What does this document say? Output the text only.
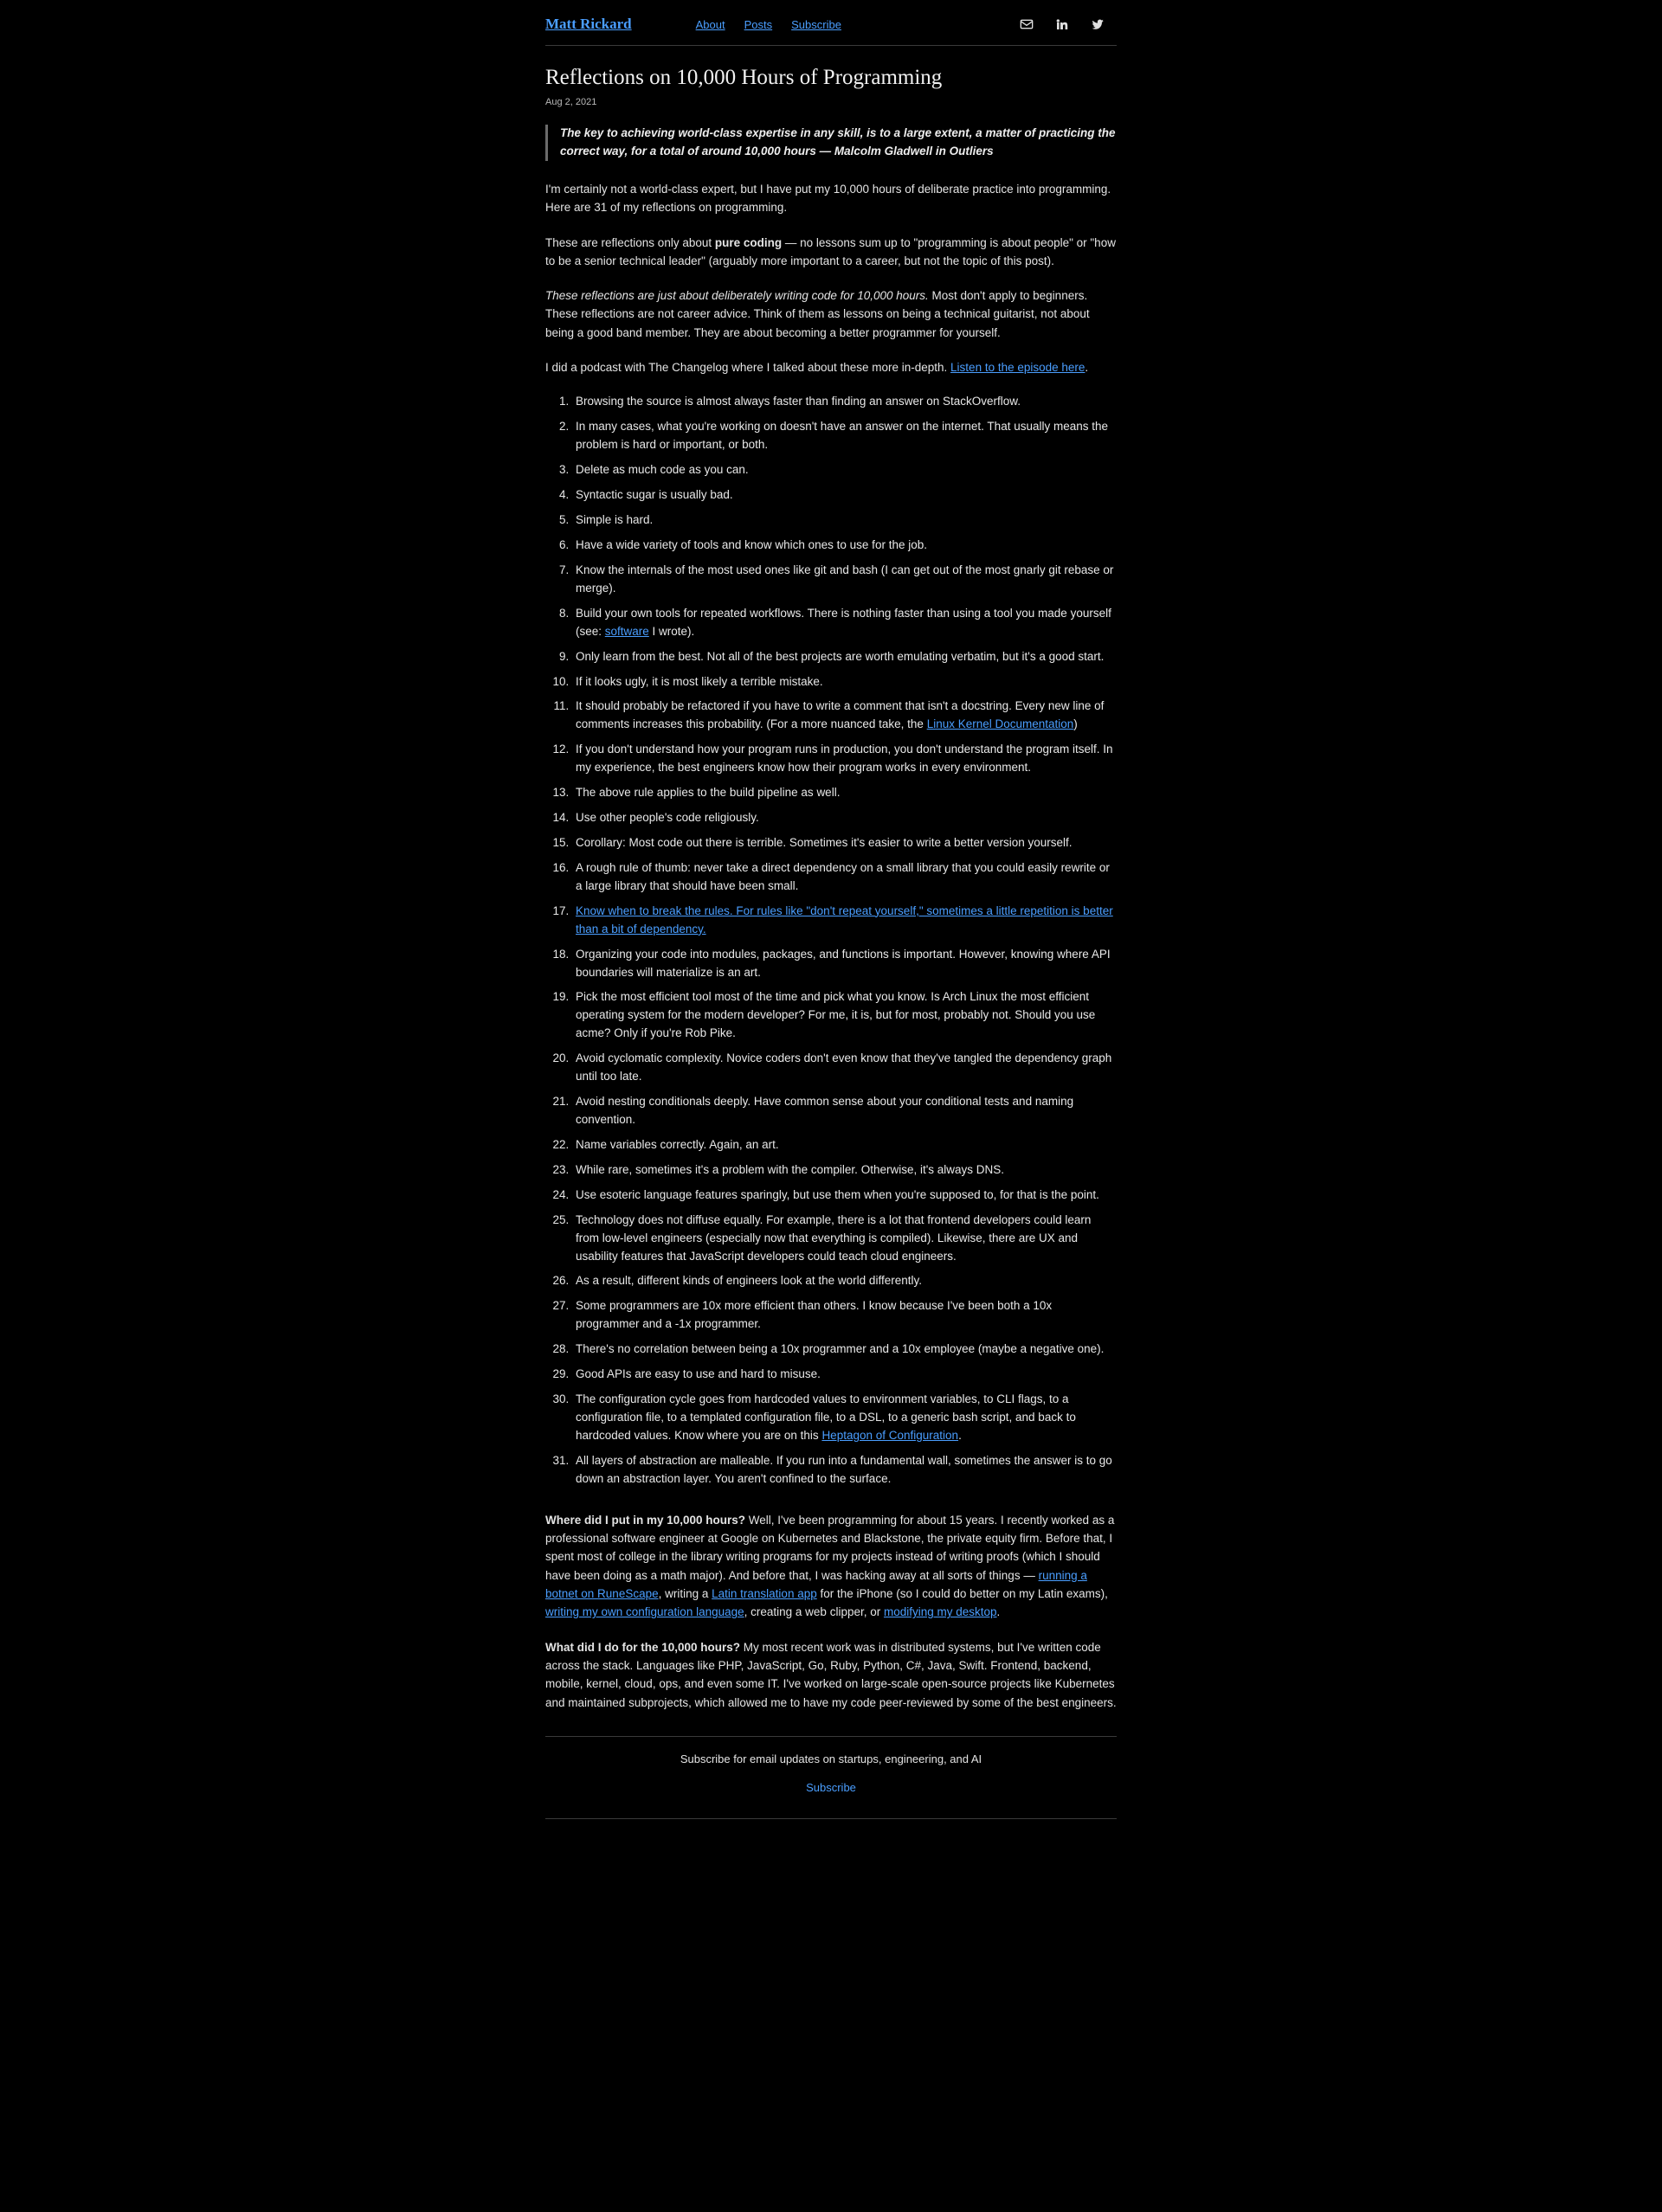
Matt Rickard	About Posts Subscribe
Reflections on 10,000 Hours of Programming
Aug 2, 2021
The key to achieving world-class expertise in any skill, is to a large extent, a matter of practicing the correct way, for a total of around 10,000 hours — Malcolm Gladwell in Outliers

I'm certainly not a world-class expert, but I have put my 10,000 hours of deliberate practice into programming. Here are 31 of my reflections on programming.

These are reflections only about pure coding — no lessons sum up to "programming is about people" or "how to be a senior technical leader" (arguably more important to a career, but not the topic of this post).

These reflections are just about deliberately writing code for 10,000 hours. Most don't apply to beginners. These reflections are not career advice. Think of them as lessons on being a technical guitarist, not about being a good band member. They are about becoming a better programmer for yourself.

I did a podcast with The Changelog where I talked about these more in-depth. Listen to the episode here.

1. Browsing the source is almost always faster than finding an answer on StackOverflow.
2. In many cases, what you're working on doesn't have an answer on the internet. That usually means the problem is hard or important, or both.
3. Delete as much code as you can.
4. Syntactic sugar is usually bad.
5. Simple is hard.
6. Have a wide variety of tools and know which ones to use for the job.
7. Know the internals of the most used ones like git and bash (I can get out of the most gnarly git rebase or merge).
8. Build your own tools for repeated workflows. There is nothing faster than using a tool you made yourself (see: software I wrote).
9. Only learn from the best. Not all of the best projects are worth emulating verbatim, but it's a good start.
10. If it looks ugly, it is most likely a terrible mistake.
11. It should probably be refactored if you have to write a comment that isn't a docstring. Every new line of comments increases this probability. (For a more nuanced take, the Linux Kernel Documentation)
12. If you don't understand how your program runs in production, you don't understand the program itself. In my experience, the best engineers know how their program works in every environment.
13. The above rule applies to the build pipeline as well.
14. Use other people's code religiously.
15. Corollary: Most code out there is terrible. Sometimes it's easier to write a better version yourself.
16. A rough rule of thumb: never take a direct dependency on a small library that you could easily rewrite or a large library that should have been small.
17. Know when to break the rules. For rules like "don't repeat yourself," sometimes a little repetition is better than a bit of dependency.
18. Organizing your code into modules, packages, and functions is important. However, knowing where API boundaries will materialize is an art.
19. Pick the most efficient tool most of the time and pick what you know. Is Arch Linux the most efficient operating system for the modern developer? For me, it is, but for most, probably not. Should you use acme? Only if you're Rob Pike.
20. Avoid cyclomatic complexity. Novice coders don't even know that they've tangled the dependency graph until too late.
21. Avoid nesting conditionals deeply. Have common sense about your conditional tests and naming convention.
22. Name variables correctly. Again, an art.
23. While rare, sometimes it's a problem with the compiler. Otherwise, it's always DNS.
24. Use esoteric language features sparingly, but use them when you're supposed to, for that is the point.
25. Technology does not diffuse equally. For example, there is a lot that frontend developers could learn from low-level engineers (especially now that everything is compiled). Likewise, there are UX and usability features that JavaScript developers could teach cloud engineers.
26. As a result, different kinds of engineers look at the world differently.
27. Some programmers are 10x more efficient than others. I know because I've been both a 10x programmer and a -1x programmer.
28. There's no correlation between being a 10x programmer and a 10x employee (maybe a negative one).
29. Good APIs are easy to use and hard to misuse.
30. The configuration cycle goes from hardcoded values to environment variables, to CLI flags, to a configuration file, to a templated configuration file, to a DSL, to a generic bash script, and back to hardcoded values. Know where you are on this Heptagon of Configuration.
31. All layers of abstraction are malleable. If you run into a fundamental wall, sometimes the answer is to go down an abstraction layer. You aren't confined to the surface.

Where did I put in my 10,000 hours? Well, I've been programming for about 15 years. I recently worked as a professional software engineer at Google on Kubernetes and Blackstone, the private equity firm. Before that, I spent most of college in the library writing programs for my projects instead of writing proofs (which I should have been doing as a math major). And before that, I was hacking away at all sorts of things — running a botnet on RuneScape, writing a Latin translation app for the iPhone (so I could do better on my Latin exams), writing my own configuration language, creating a web clipper, or modifying my desktop.

What did I do for the 10,000 hours? My most recent work was in distributed systems, but I've written code across the stack. Languages like PHP, JavaScript, Go, Ruby, Python, C#, Java, Swift. Frontend, backend, mobile, kernel, cloud, ops, and even some IT. I've worked on large-scale open-source projects like Kubernetes and maintained subprojects, which allowed me to have my code peer-reviewed by some of the best engineers.

Subscribe for email updates on startups, engineering, and AI
Subscribe
